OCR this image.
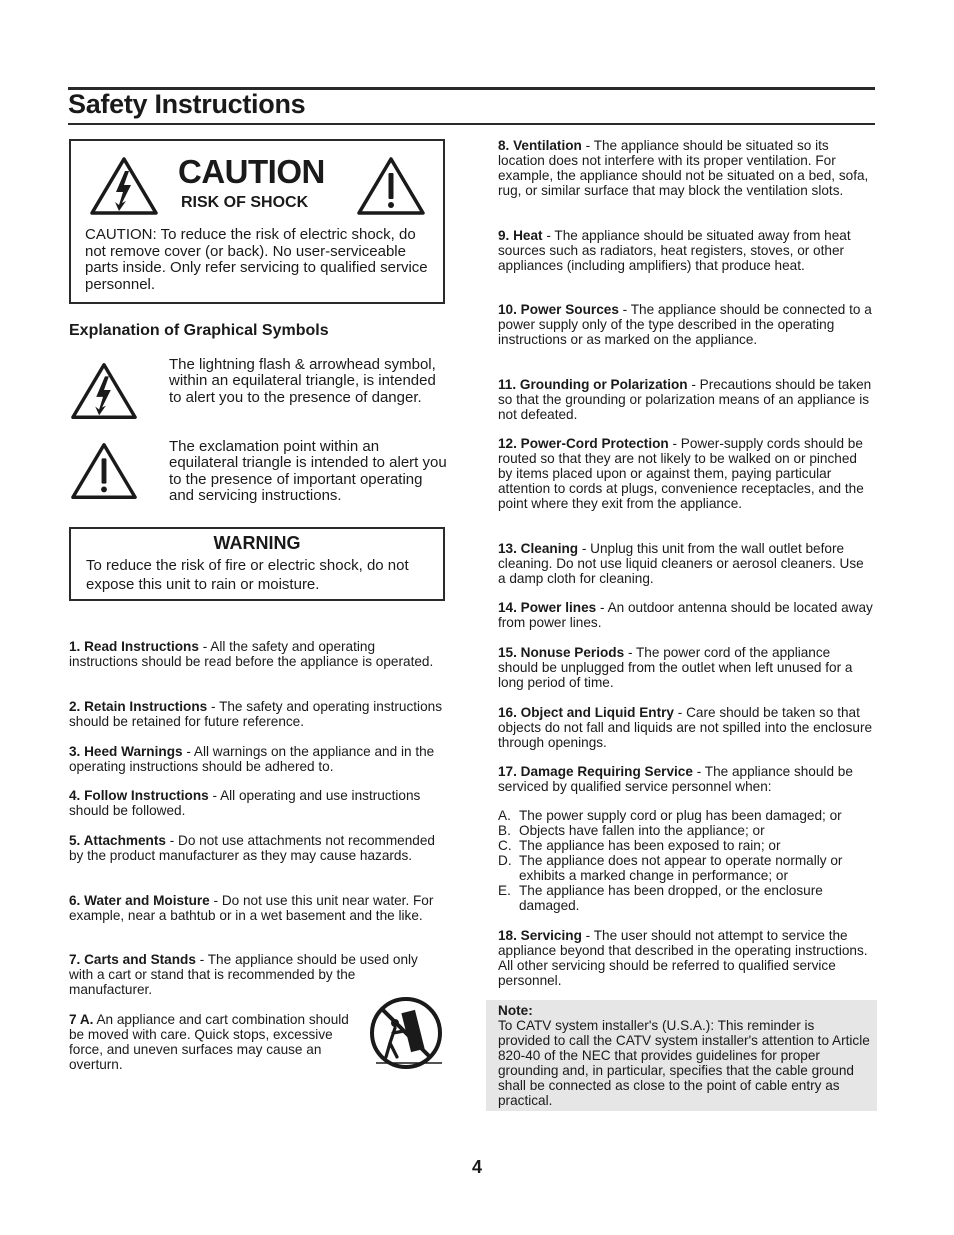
Safety Instructions
CAUTION
RISK OF SHOCK
CAUTION: To reduce the risk of electric shock, do not remove cover (or back). No user-serviceable parts inside. Only refer servicing to qualified service personnel.
Explanation of Graphical Symbols
The lightning flash & arrowhead symbol, within an equilateral triangle, is intended to alert you to the presence of danger.
The exclamation point within an equilateral triangle is intended to alert you to the presence of important operating and servicing instructions.
WARNING
To reduce the risk of fire or electric shock, do not expose this unit to rain or moisture.

1. Read Instructions - All the safety and operating instructions should be read before the appliance is operated.

2. Retain Instructions - The safety and operating instructions should be retained for future reference.

3. Heed Warnings - All warnings on the appliance and in the operating instructions should be adhered to.

4. Follow Instructions - All operating and use instructions should be followed.

5. Attachments - Do not use attachments not recommended by the product manufacturer as they may cause hazards.

6. Water and Moisture - Do not use this unit near water. For example, near a bathtub or in a wet basement and the like.

7. Carts and Stands - The appliance should be used only with a cart or stand that is recommended by the manufacturer.

7 A. An appliance and cart combination should be moved with care. Quick stops, excessive force, and uneven surfaces may cause an overturn.

8. Ventilation - The appliance should be situated so its location does not interfere with its proper ventilation. For example, the appliance should not be situated on a bed, sofa, rug, or similar surface that may block the ventilation slots.

9. Heat - The appliance should be situated away from heat sources such as radiators, heat registers, stoves, or other appliances (including amplifiers) that produce heat.

10. Power Sources - The appliance should be connected to a power supply only of the type described in the operating instructions or as marked on the appliance.

11. Grounding or Polarization - Precautions should be taken so that the grounding or polarization means of an appliance is not defeated.

12. Power-Cord Protection - Power-supply cords should be routed so that they are not likely to be walked on or pinched by items placed upon or against them, paying particular attention to cords at plugs, convenience receptacles, and the point where they exit from the appliance.

13. Cleaning - Unplug this unit from the wall outlet before cleaning. Do not use liquid cleaners or aerosol cleaners. Use a damp cloth for cleaning.

14. Power lines - An outdoor antenna should be located away from power lines.

15. Nonuse Periods - The power cord of the appliance should be unplugged from the outlet when left unused for a long period of time.

16. Object and Liquid Entry - Care should be taken so that objects do not fall and liquids are not spilled into the enclosure through openings.

17. Damage Requiring Service - The appliance should be serviced by qualified service personnel when:

A. The power supply cord or plug has been damaged; or
B. Objects have fallen into the appliance; or
C. The appliance has been exposed to rain; or
D. The appliance does not appear to operate normally or exhibits a marked change in performance; or
E. The appliance has been dropped, or the enclosure damaged.

18. Servicing - The user should not attempt to service the appliance beyond that described in the operating instructions. All other servicing should be referred to qualified service personnel.

Note:
To CATV system installer's (U.S.A.): This reminder is provided to call the CATV system installer's attention to Article 820-40 of the NEC that provides guidelines for proper grounding and, in particular, specifies that the cable ground shall be connected as close to the point of cable entry as practical.
4
